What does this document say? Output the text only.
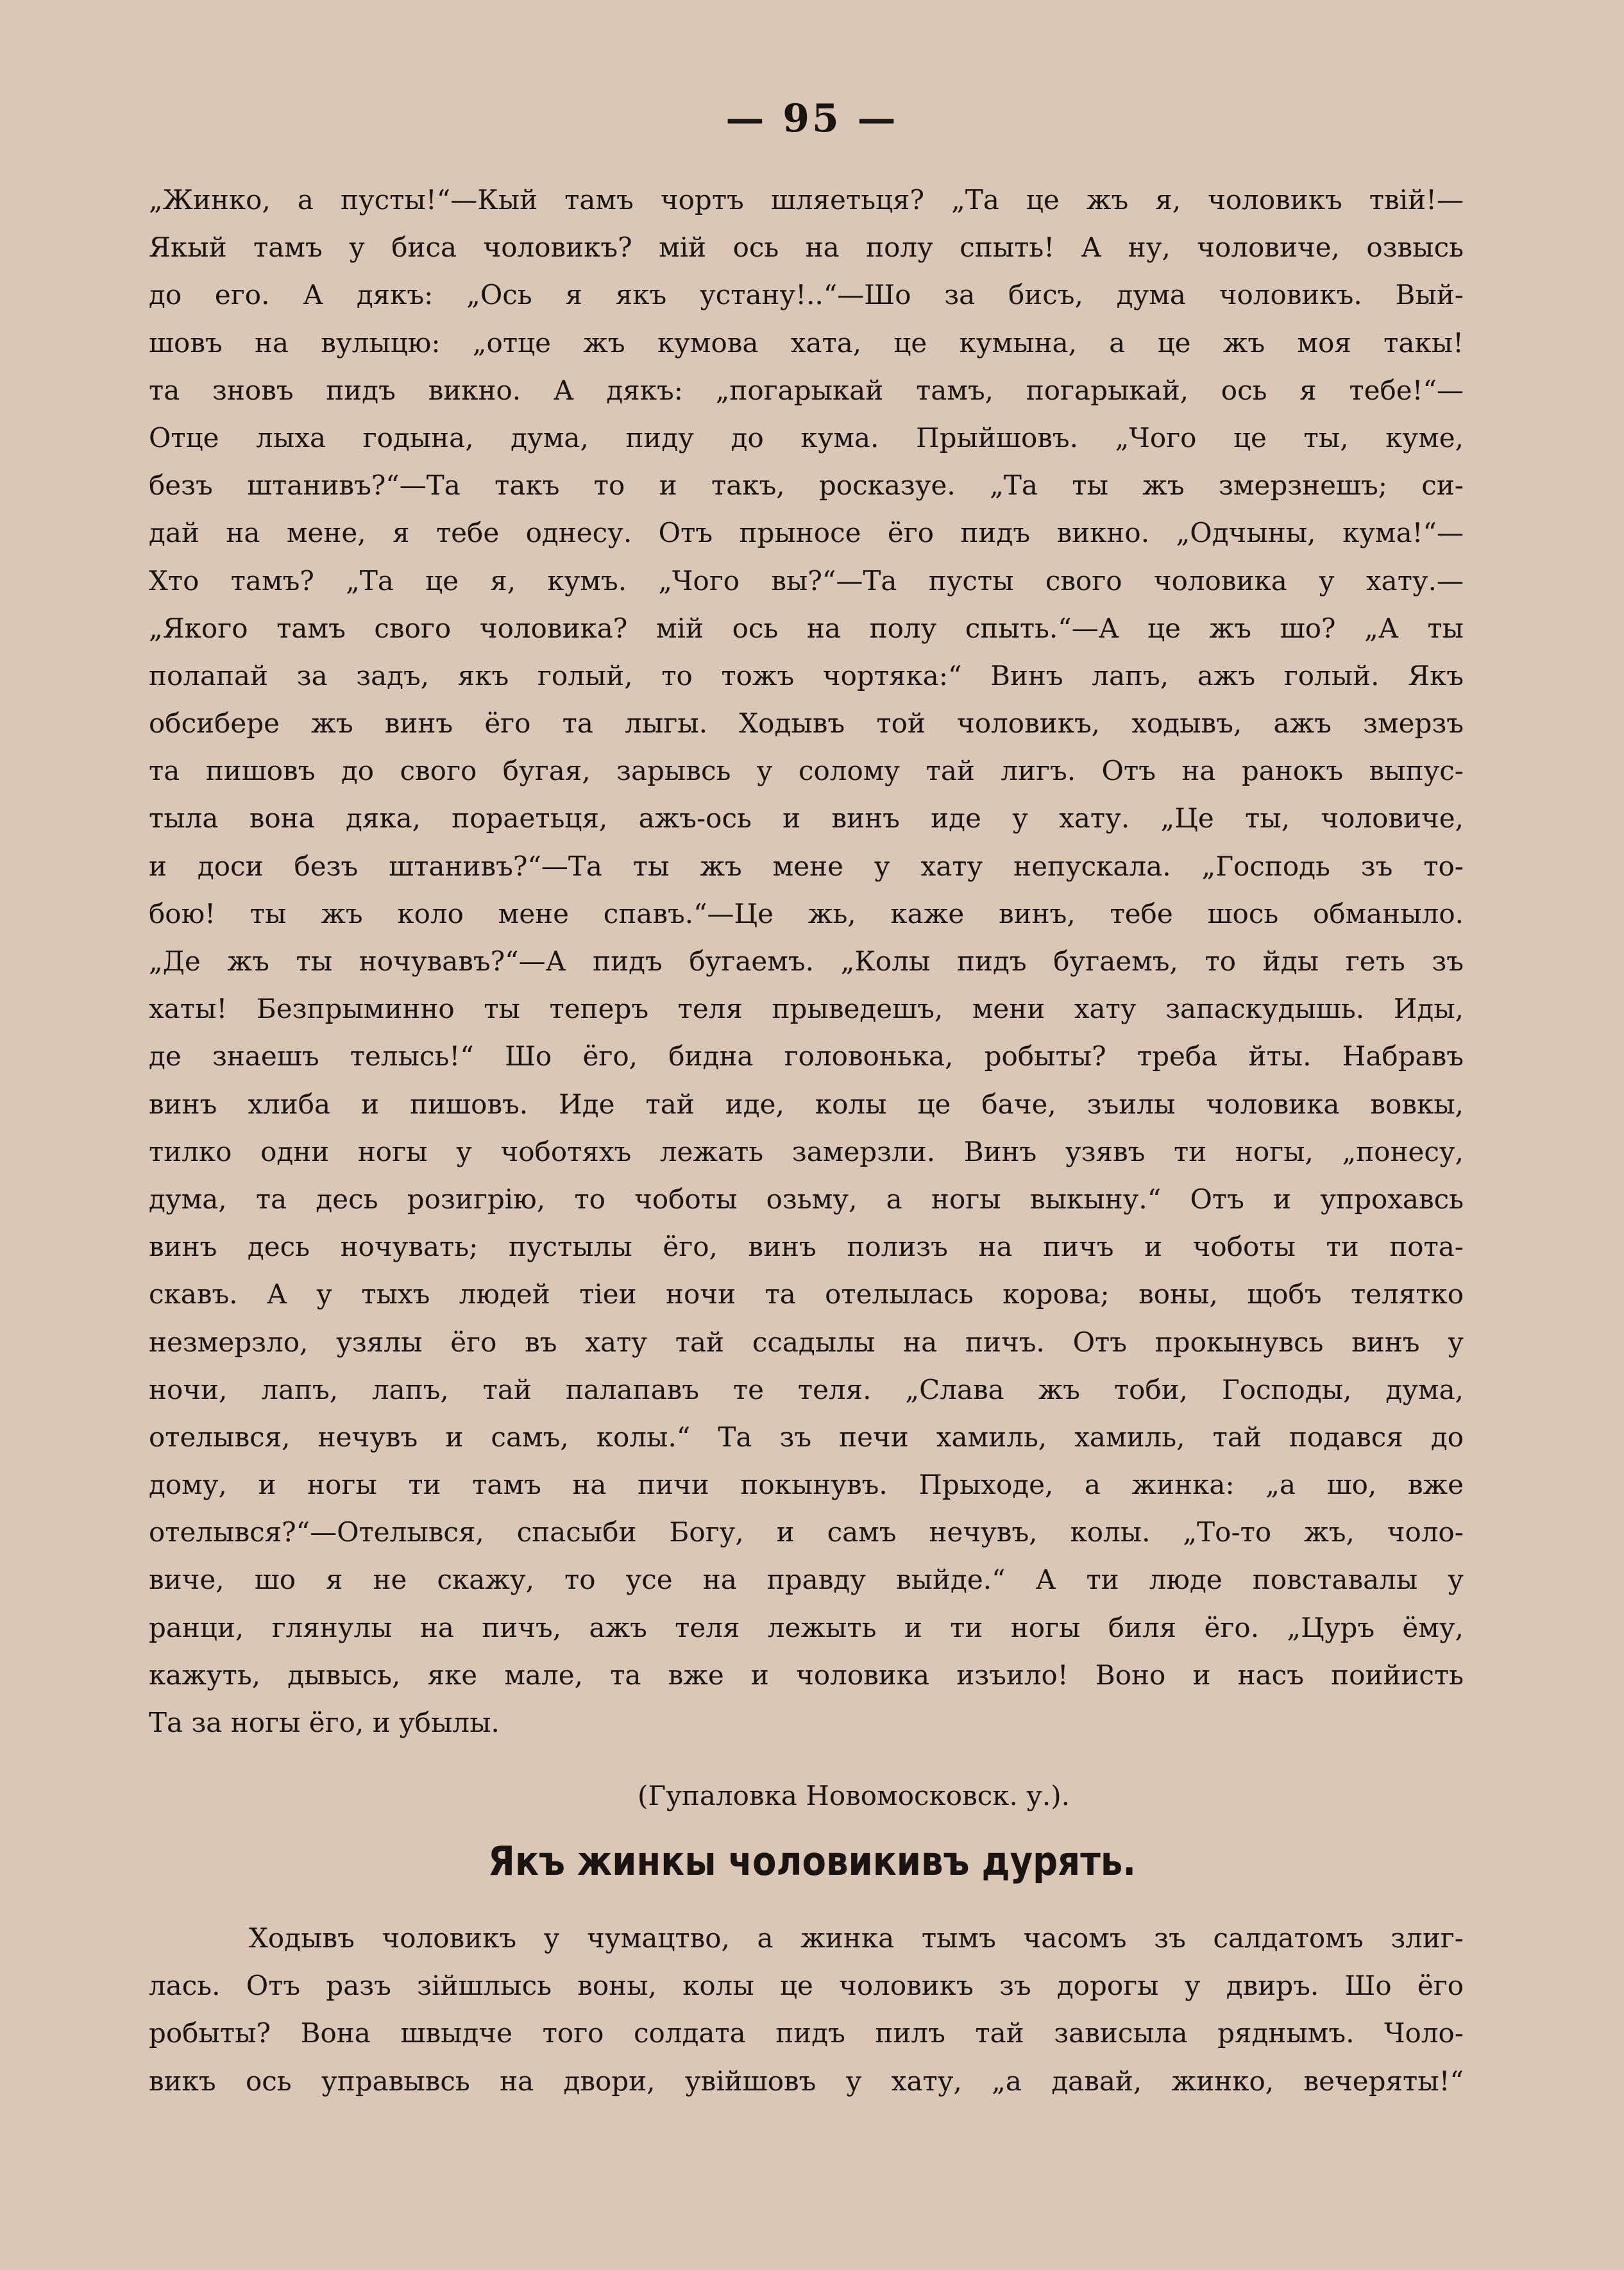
— 95 —
„Жинко, а пусты!“—Кый тамъ чортъ шляетьця? „Та це жъ я, чоловикъ твій!—
Якый тамъ у биса чоловикъ? мій ось на полу спыть! А ну, чоловиче, озвысь
до его. А дякъ: „Ось я якъ устану!..“—Шо за бисъ, дума чоловикъ. Вый-
шовъ на вулыцю: „отце жъ кумова хата, це кумына, а це жъ моя такы!
та зновъ пидъ викно. А дякъ: „погарыкай тамъ, погарыкай, ось я тебе!“—
Отце лыха годына, дума, пиду до кума. Прыйшовъ. „Чого це ты, куме,
безъ штанивъ?“—Та такъ то и такъ, росказуе. „Та ты жъ змерзнешъ; си-
дай на мене, я тебе однесу. Отъ прыносе ёго пидъ викно. „Одчыны, кума!“—
Хто тамъ? „Та це я, кумъ. „Чого вы?“—Та пусты свого чоловика у хату.—
„Якого тамъ свого чоловика? мій ось на полу спыть.“—А це жъ шо? „А ты
полапай за задъ, якъ голый, то тожъ чортяка:“ Винъ лапъ, ажъ голый. Якъ
обсибере жъ винъ ёго та лыгы. Ходывъ той чоловикъ, ходывъ, ажъ змерзъ
та пишовъ до свого бугая, зарывсь у солому тай лигъ. Отъ на ранокъ выпус-
тыла вона дяка, пораетьця, ажъ-ось и винъ иде у хату. „Це ты, чоловиче,
и доси безъ штанивъ?“—Та ты жъ мене у хату непускала. „Господь зъ то-
бою! ты жъ коло мене спавъ.“—Це жь, каже винъ, тебе шось обманыло.
„Де жъ ты ночувавъ?“—А пидъ бугаемъ. „Колы пидъ бугаемъ, то йды геть зъ
хаты! Безпрыминно ты теперъ теля прыведешъ, мени хату запаскудышь. Иды,
де знаешъ телысь!“ Шо ёго, бидна головонька, робыты? треба йты. Набравъ
винъ хлиба и пишовъ. Иде тай иде, колы це баче, зъилы чоловика вовкы,
тилко одни ногы у чоботяхъ лежать замерзли. Винъ узявъ ти ногы, „понесу,
дума, та десь розигрію, то чоботы озьму, а ногы выкыну.“ Отъ и упрохавсь
винъ десь ночувать; пустылы ёго, винъ полизъ на пичъ и чоботы ти пота-
скавъ. А у тыхъ людей тіеи ночи та отелылась корова; воны, щобъ телятко
незмерзло, узялы ёго въ хату тай ссадылы на пичъ. Отъ прокынувсь винъ у
ночи, лапъ, лапъ, тай палапавъ те теля. „Слава жъ тоби, Господы, дума,
отелывся, нечувъ и самъ, колы.“ Та зъ печи хамиль, хамиль, тай подався до
дому, и ногы ти тамъ на пичи покынувъ. Прыходе, а жинка: „а шо, вже
отелывся?“—Отелывся, спасыби Богу, и самъ нечувъ, колы. „То-то жъ, чоло-
виче, шо я не скажу, то усе на правду выйде.“ А ти люде повставалы у
ранци, глянулы на пичъ, ажъ теля лежыть и ти ногы биля ёго. „Цуръ ёму,
кажуть, дывысь, яке мале, та вже и чоловика изъило! Воно и насъ поийисть
Та за ногы ёго, и убылы.
(Гупаловка Новомосковск. у.).
Якъ жинкы чоловикивъ дурять.
Ходывъ чоловикъ у чумацтво, а жинка тымъ часомъ зъ салдатомъ злиг-
лась. Отъ разъ зійшлысь воны, колы це чоловикъ зъ дорогы у двиръ. Шо ёго
робыты? Вона швыдче того солдата пидъ пилъ тай зависыла ряднымъ. Чоло-
викъ ось управывсь на двори, увійшовъ у хату, „а давай, жинко, вечеряты!“
